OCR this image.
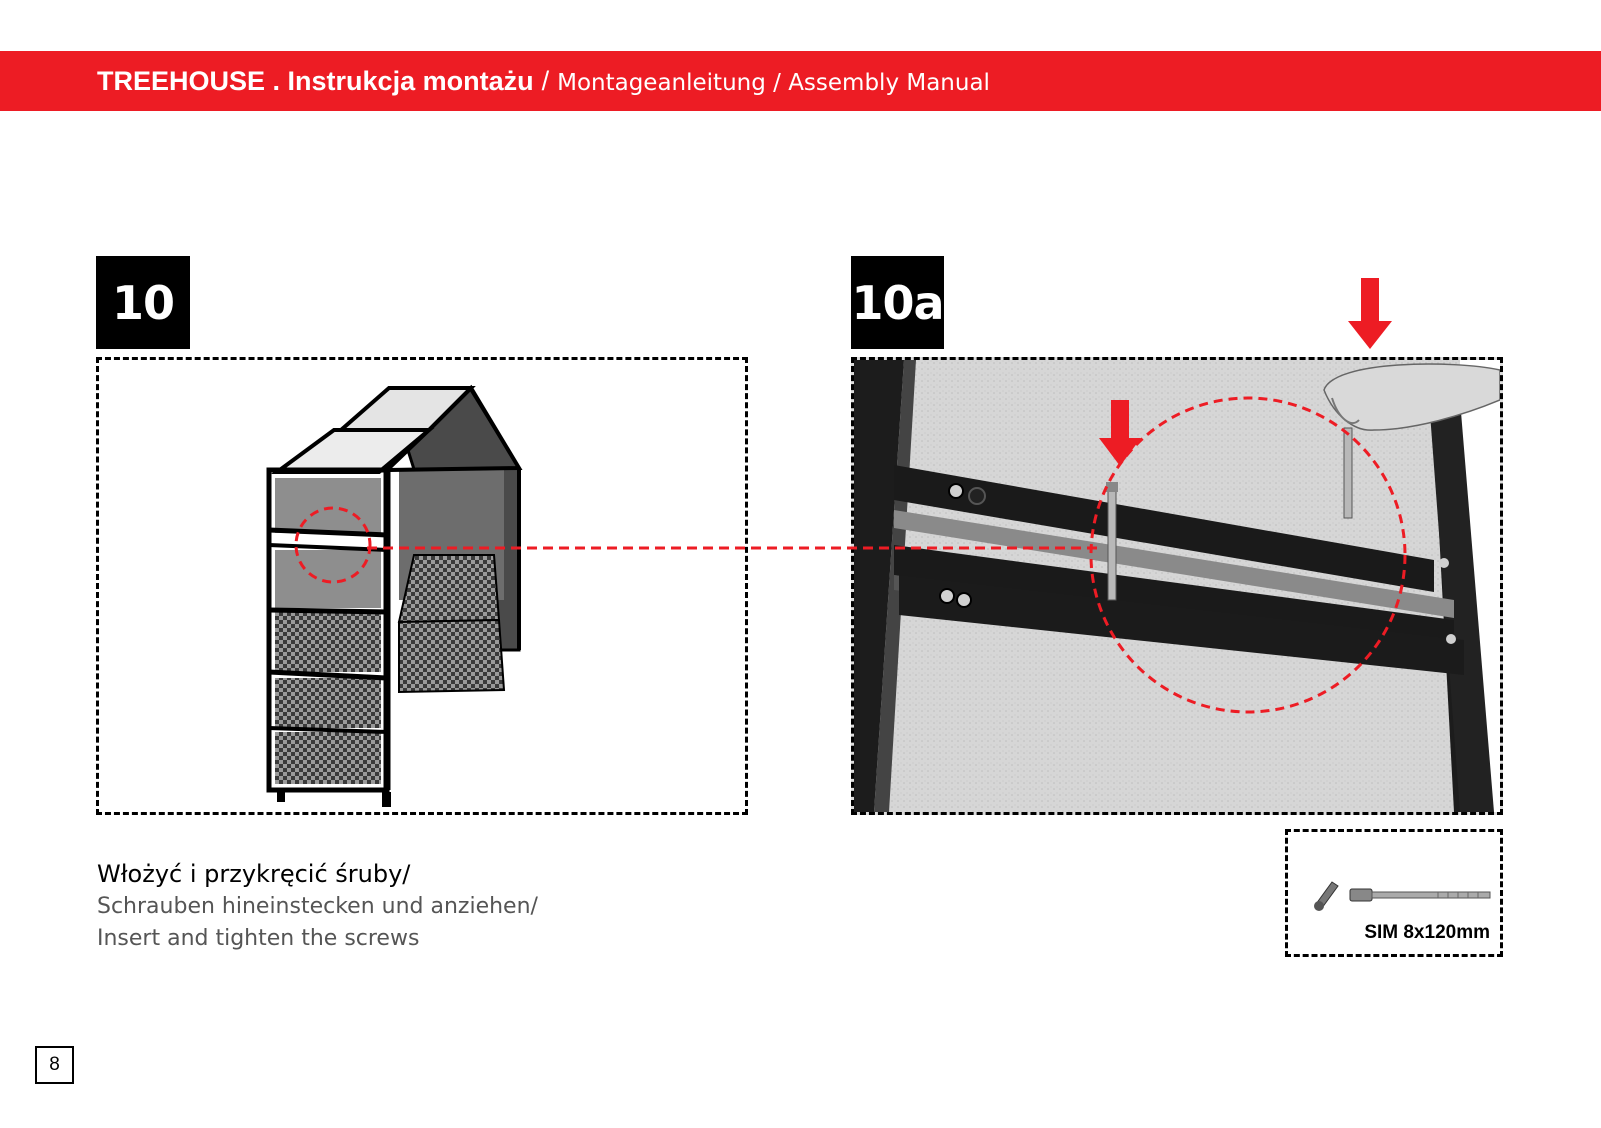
TREEHOUSE . Instrukcja montażu / Montageanleitung / Assembly Manual
10	10a
Włożyć i przykręcić śruby/
Schrauben hineinstecken und anziehen/
Insert and tighten the screws	SIM 8x120mm
8
